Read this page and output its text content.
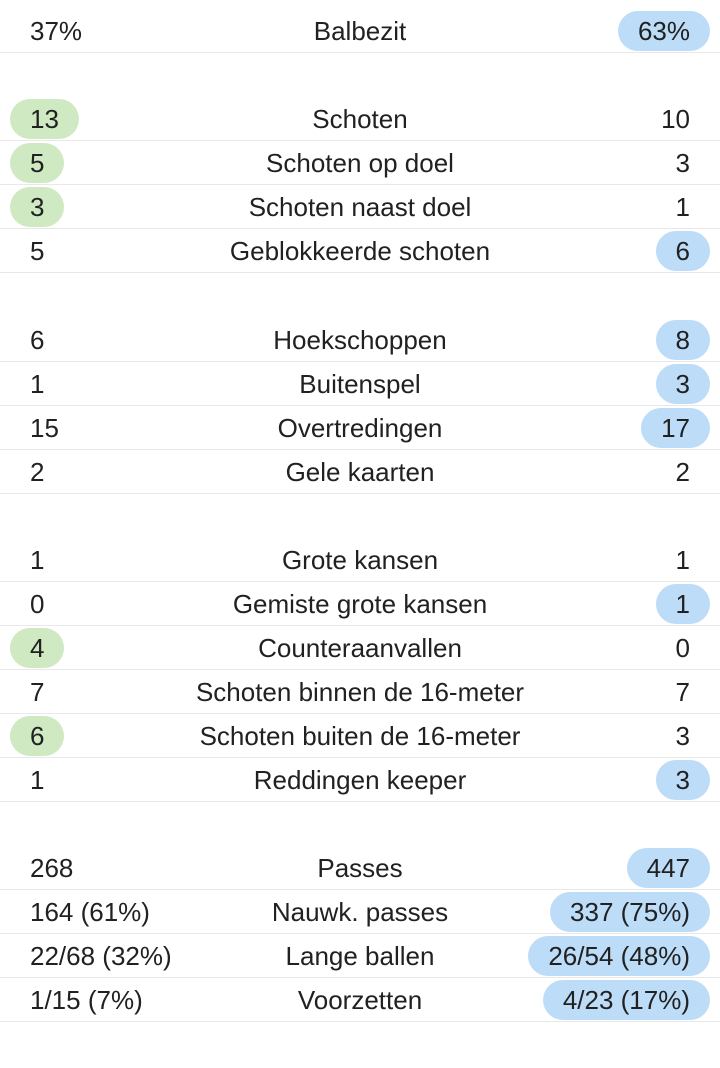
Balbezit
37%	63%
Schoten
13	10
Schoten op doel
5	3
Schoten naast doel
3	1
Geblokkeerde schoten
5	6
Hoekschoppen
6	8
Buitenspel
1	3
Overtredingen
15	17
Gele kaarten
2	2
Grote kansen
1	1
Gemiste grote kansen
0	1
Counteraanvallen
4	0
Schoten binnen de 16-meter
7	7
Schoten buiten de 16-meter
6	3
Reddingen keeper
1	3
Passes
268	447
Nauwk. passes
164 (61%)	337 (75%)
Lange ballen
22/68 (32%)	26/54 (48%)
Voorzetten
1/15 (7%)	4/23 (17%)
